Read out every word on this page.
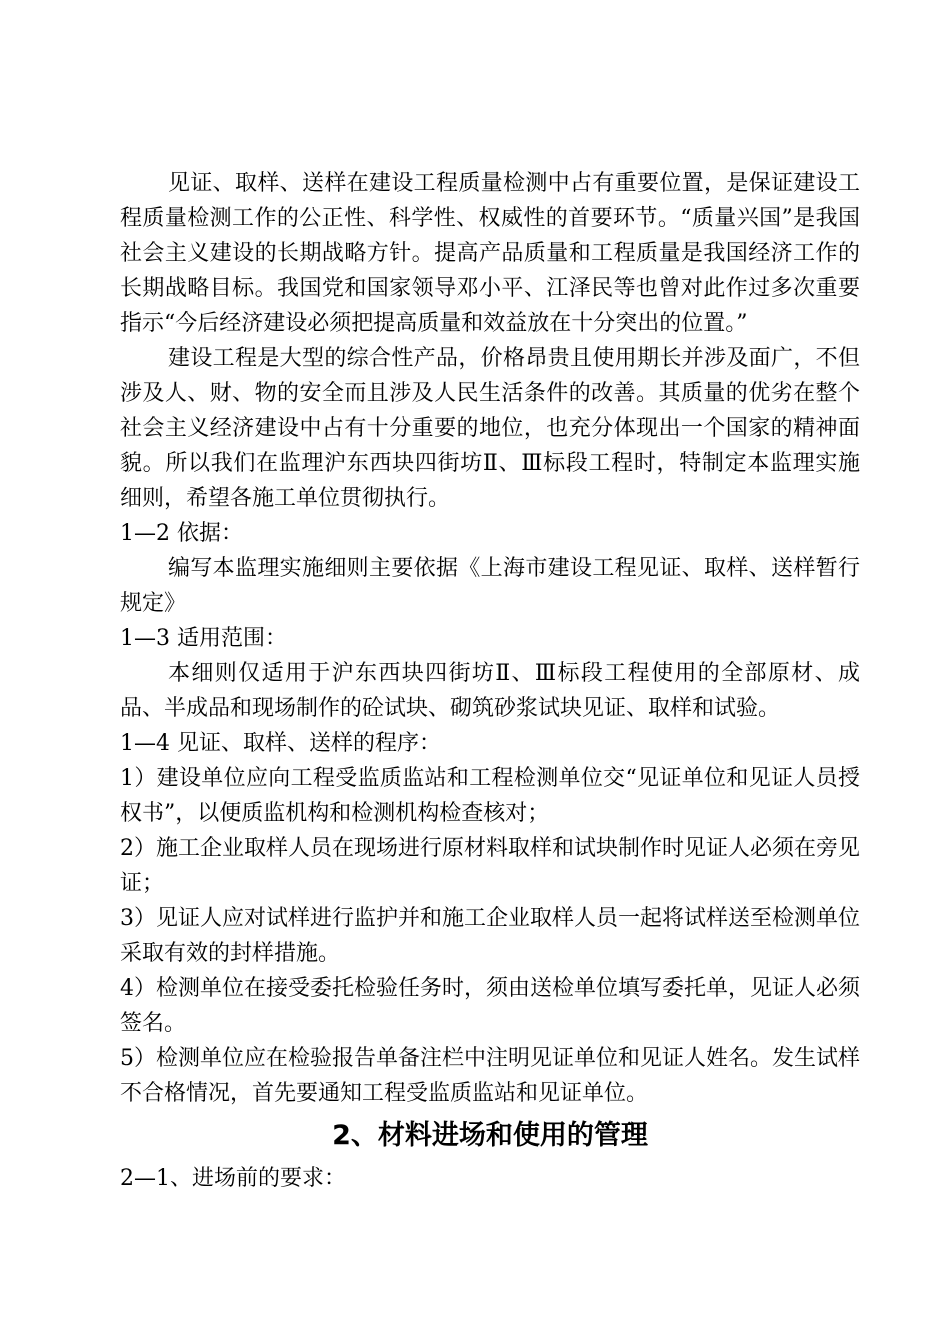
见证、取样、送样在建设工程质量检测中占有重要位置，是保证建设工程质量检测工作的公正性、科学性、权威性的首要环节。“质量兴国”是我国社会主义建设的长期战略方针。提高产品质量和工程质量是我国经济工作的长期战略目标。我国党和国家领导邓小平、江泽民等也曾对此作过多次重要指示“今后经济建设必须把提高质量和效益放在十分突出的位置。”

建设工程是大型的综合性产品，价格昂贵且使用期长并涉及面广，不但涉及人、财、物的安全而且涉及人民生活条件的改善。其质量的优劣在整个社会主义经济建设中占有十分重要的地位，也充分体现出一个国家的精神面貌。所以我们在监理沪东西块四街坊Ⅱ、Ⅲ标段工程时，特制定本监理实施细则，希望各施工单位贯彻执行。

1—2 依据：

编写本监理实施细则主要依据《上海市建设工程见证、取样、送样暂行规定》

1—3 适用范围：

本细则仅适用于沪东西块四街坊Ⅱ、Ⅲ标段工程使用的全部原材、成品、半成品和现场制作的砼试块、砌筑砂浆试块见证、取样和试验。

1—4 见证、取样、送样的程序：

1）建设单位应向工程受监质监站和工程检测单位交“见证单位和见证人员授权书”，以便质监机构和检测机构检查核对；

2）施工企业取样人员在现场进行原材料取样和试块制作时见证人必须在旁见证；

3）见证人应对试样进行监护并和施工企业取样人员一起将试样送至检测单位采取有效的封样措施。

4）检测单位在接受委托检验任务时，须由送检单位填写委托单，见证人必须签名。

5）检测单位应在检验报告单备注栏中注明见证单位和见证人姓名。发生试样不合格情况，首先要通知工程受监质监站和见证单位。

2、材料进场和使用的管理

2—1、进场前的要求：
